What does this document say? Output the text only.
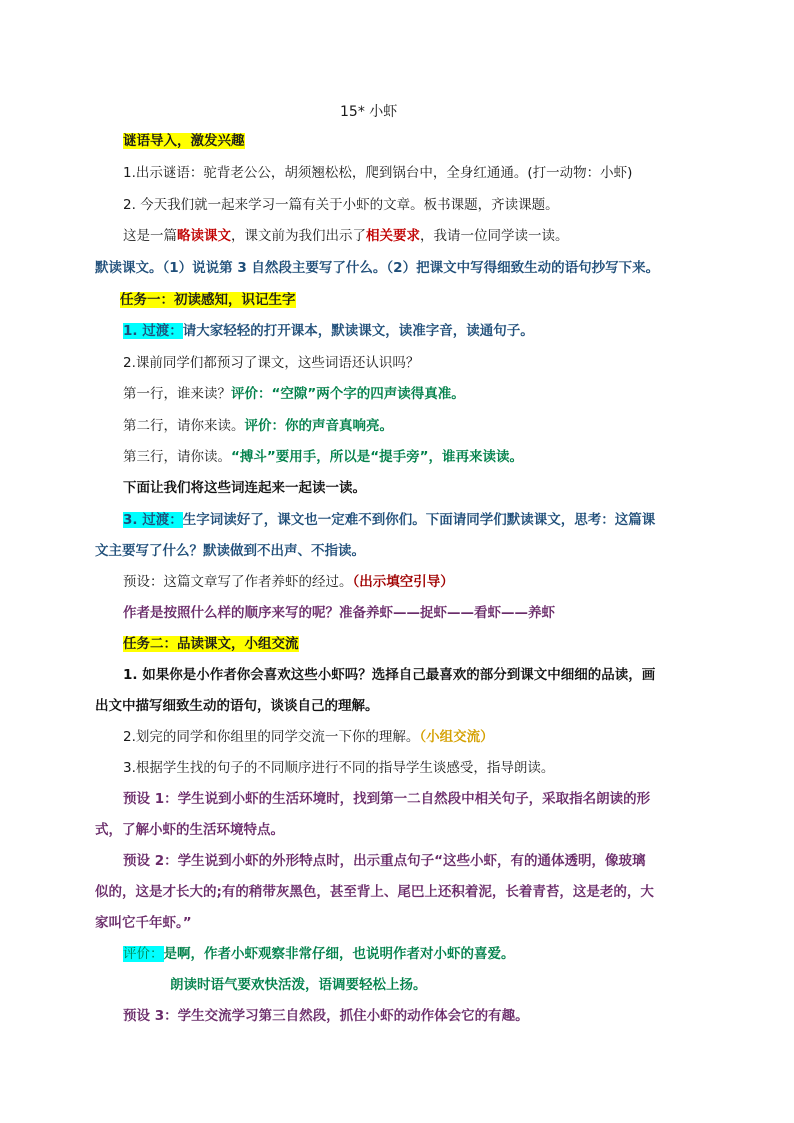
15* 小虾
谜语导入，激发兴趣
1.出示谜语：驼背老公公，胡须翘松松，爬到锅台中，全身红通通。(打一动物：小虾)
2. 今天我们就一起来学习一篇有关于小虾的文章。板书课题，齐读课题。
这是一篇略读课文，课文前为我们出示了相关要求，我请一位同学读一读。
默读课文。（1）说说第 3 自然段主要写了什么。（2）把课文中写得细致生动的语句抄写下来。
任务一：初读感知，识记生字
1. 过渡：请大家轻轻的打开课本，默读课文，读准字音，读通句子。
2.课前同学们都预习了课文，这些词语还认识吗？
第一行，谁来读？评价：“空隙”两个字的四声读得真准。
第二行，请你来读。评价：你的声音真响亮。
第三行，请你读。“搏斗”要用手，所以是“提手旁”，谁再来读读。
下面让我们将这些词连起来一起读一读。
3. 过渡：生字词读好了，课文也一定难不到你们。下面请同学们默读课文，思考：这篇课
文主要写了什么？默读做到不出声、不指读。
预设：这篇文章写了作者养虾的经过。（出示填空引导）
作者是按照什么样的顺序来写的呢？准备养虾——捉虾——看虾——养虾
任务二：品读课文，小组交流
1. 如果你是小作者你会喜欢这些小虾吗？选择自己最喜欢的部分到课文中细细的品读，画
出文中描写细致生动的语句，谈谈自己的理解。
2.划完的同学和你组里的同学交流一下你的理解。（小组交流）
3.根据学生找的句子的不同顺序进行不同的指导学生谈感受，指导朗读。
预设 1：学生说到小虾的生活环境时，找到第一二自然段中相关句子，采取指名朗读的形
式，了解小虾的生活环境特点。
预设 2：学生说到小虾的外形特点时，出示重点句子“这些小虾，有的通体透明，像玻璃
似的，这是才长大的;有的稍带灰黑色，甚至背上、尾巴上还积着泥，长着青苔，这是老的，大
家叫它千年虾。”
评价：是啊，作者小虾观察非常仔细，也说明作者对小虾的喜爱。
朗读时语气要欢快活泼，语调要轻松上扬。
预设 3：学生交流学习第三自然段，抓住小虾的动作体会它的有趣。
